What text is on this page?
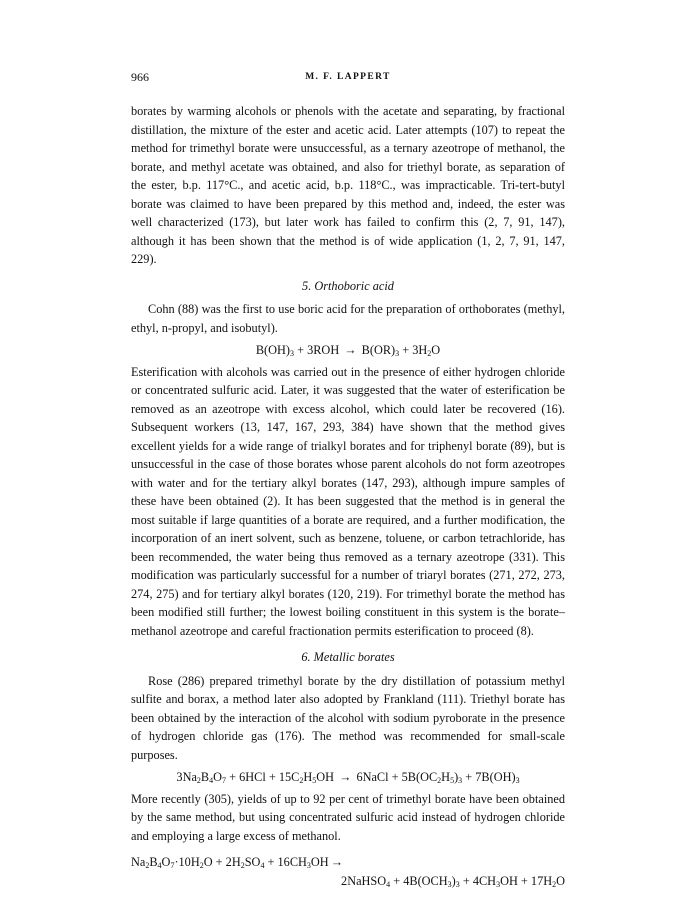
966	M. F. LAPPERT

borates by warming alcohols or phenols with the acetate and separating, by fractional distillation, the mixture of the ester and acetic acid. Later attempts (107) to repeat the method for trimethyl borate were unsuccessful, as a ternary azeotrope of methanol, the borate, and methyl acetate was obtained, and also for triethyl borate, as separation of the ester, b.p. 117°C., and acetic acid, b.p. 118°C., was impracticable. Tri-tert-butyl borate was claimed to have been prepared by this method and, indeed, the ester was well characterized (173), but later work has failed to confirm this (2, 7, 91, 147), although it has been shown that the method is of wide application (1, 2, 7, 91, 147, 229).

5. Orthoboric acid

Cohn (88) was the first to use boric acid for the preparation of orthoborates (methyl, ethyl, n-propyl, and isobutyl).

$B(OH)_3 + 3ROH \to B(OR)_3 + 3H_2O$

Esterification with alcohols was carried out in the presence of either hydrogen chloride or concentrated sulfuric acid. Later, it was suggested that the water of esterification be removed as an azeotrope with excess alcohol, which could later be recovered (16). Subsequent workers (13, 147, 167, 293, 384) have shown that the method gives excellent yields for a wide range of trialkyl borates and for triphenyl borate (89), but is unsuccessful in the case of those borates whose parent alcohols do not form azeotropes with water and for the tertiary alkyl borates (147, 293), although impure samples of these have been obtained (2). It has been suggested that the method is in general the most suitable if large quantities of a borate are required, and a further modification, the incorporation of an inert solvent, such as benzene, toluene, or carbon tetrachloride, has been recommended, the water being thus removed as a ternary azeotrope (331). This modification was particularly successful for a number of triaryl borates (271, 272, 273, 274, 275) and for tertiary alkyl borates (120, 219). For trimethyl borate the method has been modified still further; the lowest boiling constituent in this system is the borate–methanol azeotrope and careful fractionation permits esterification to proceed (8).

6. Metallic borates

Rose (286) prepared trimethyl borate by the dry distillation of potassium methyl sulfite and borax, a method later also adopted by Frankland (111). Triethyl borate has been obtained by the interaction of the alcohol with sodium pyroborate in the presence of hydrogen chloride gas (176). The method was recommended for small-scale purposes.

$3Na_2B_4O_7 + 6HCl + 15C_2H_5OH$ → 6NaCl + $5B(OC_2H_5)_3 + 7B(OH)_3$

More recently (305), yields of up to 92 per cent of trimethyl borate have been obtained by the same method, but using concentrated sulfuric acid instead of hydrogen chloride and employing a large excess of methanol.

$Na_2B_4O_7\cdot 10H_2O + 2H_2SO_4 + 16CH_3OH$ →
2NaHSO$_4$ + $4B(OCH_3)_3 + 4CH_3OH + 17H_2O$
